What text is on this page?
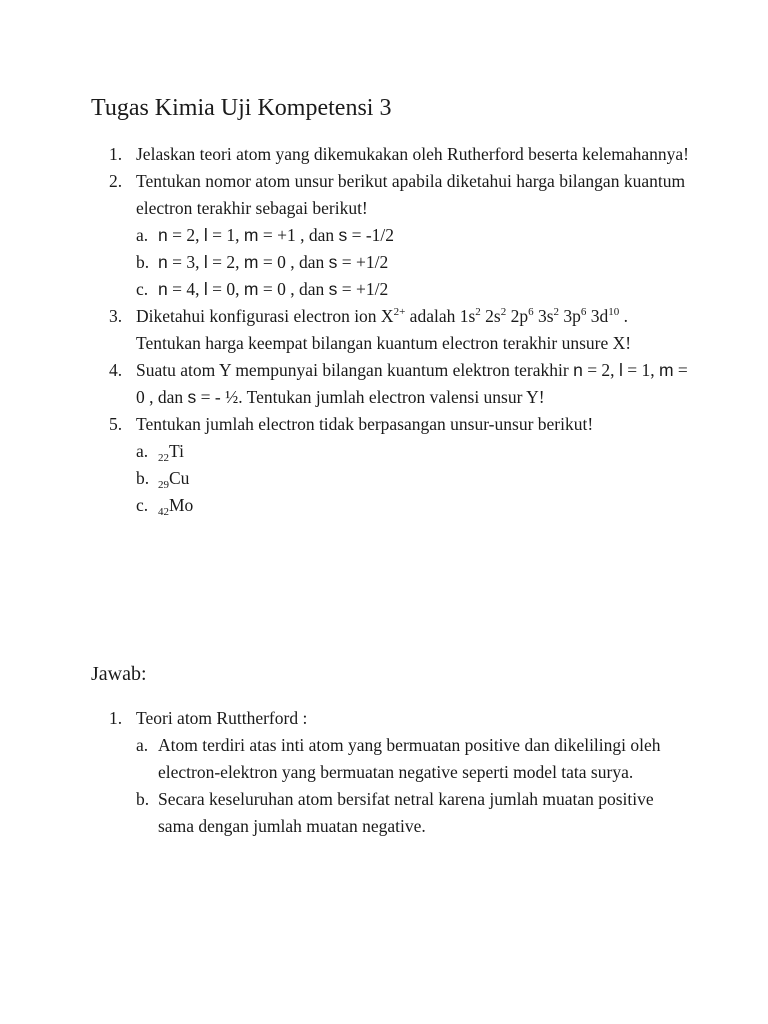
Tugas Kimia Uji Kompetensi 3
1. Jelaskan teori atom yang dikemukakan oleh Rutherford beserta kelemahannya!
2. Tentukan nomor atom unsur berikut apabila diketahui harga bilangan kuantum electron terakhir sebagai berikut!
a. n = 2, l = 1, m = +1 , dan s = -1/2
b. n = 3, l = 2, m = 0 , dan s = +1/2
c. n = 4, l = 0, m = 0 , dan s = +1/2
3. Diketahui konfigurasi electron ion $X^{2+}$ adalah $1s^2$ $2s^2$ $2p^6$ $3s^2$ $3p^6$ $3d^{10}$ . Tentukan harga keempat bilangan kuantum electron terakhir unsure X!
4. Suatu atom Y mempunyai bilangan kuantum elektron terakhir n = 2, l = 1, m = 0 , dan s = - ½. Tentukan jumlah electron valensi unsur Y!
5. Tentukan jumlah electron tidak berpasangan unsur-unsur berikut!
a. $_{22}$Ti
b. $_{29}$Cu
c. $_{42}$Mo
Jawab:
1. Teori atom Ruttherford :
a. Atom terdiri atas inti atom yang bermuatan positive dan dikelilingi oleh electron-elektron yang bermuatan negative seperti model tata surya.
b. Secara keseluruhan atom bersifat netral karena jumlah muatan positive sama dengan jumlah muatan negative.
